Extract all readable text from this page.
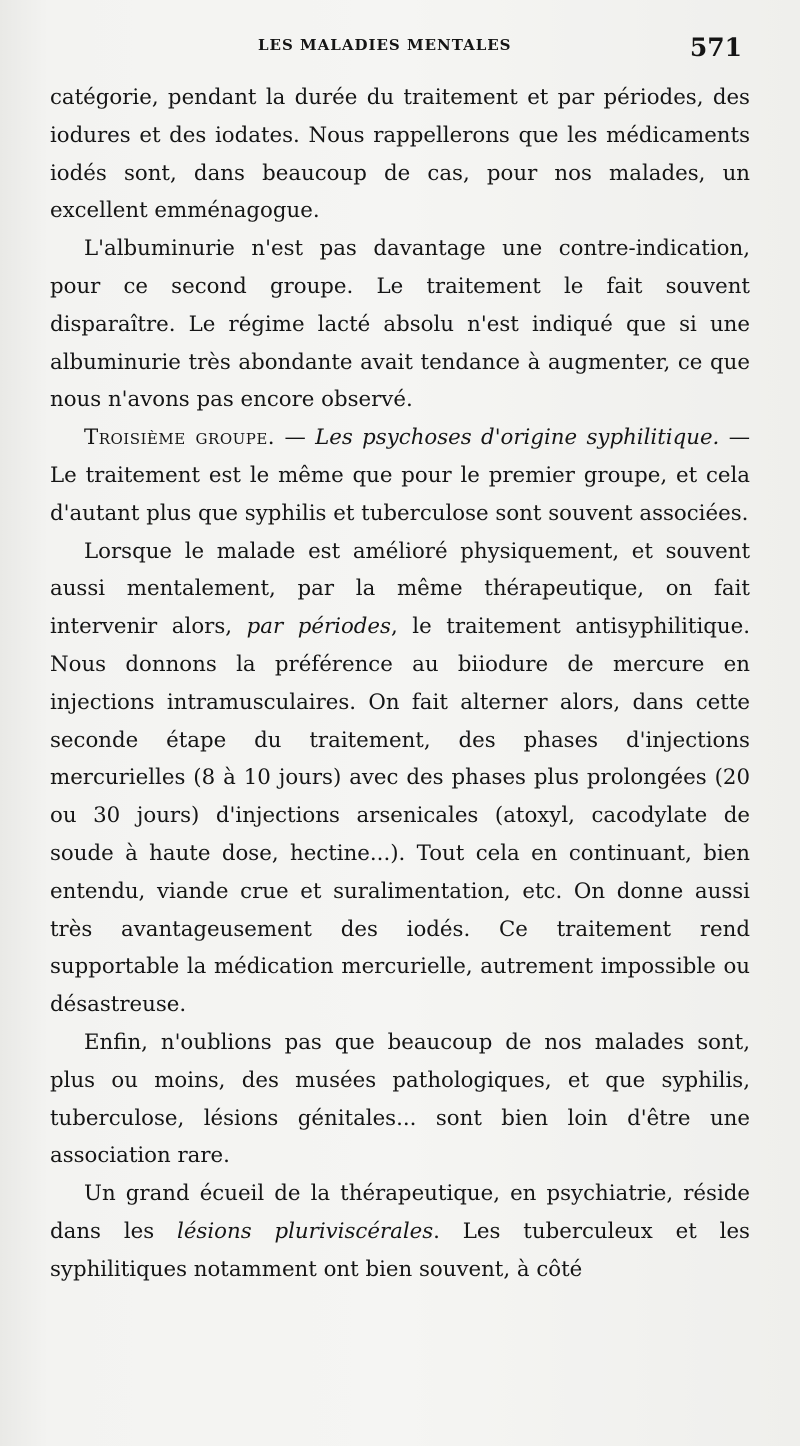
LES MALADIES MENTALES	571

catégorie, pendant la durée du traitement et par périodes, des iodures et des iodates. Nous rappellerons que les médicaments iodés sont, dans beaucoup de cas, pour nos malades, un excellent emménagogue.

L'albuminurie n'est pas davantage une contre-indication, pour ce second groupe. Le traitement le fait souvent disparaître. Le régime lacté absolu n'est indiqué que si une albuminurie très abondante avait tendance à augmenter, ce que nous n'avons pas encore observé.

Troisième groupe. — Les psychoses d'origine syphilitique. — Le traitement est le même que pour le premier groupe, et cela d'autant plus que syphilis et tuberculose sont souvent associées.

Lorsque le malade est amélioré physiquement, et souvent aussi mentalement, par la même thérapeutique, on fait intervenir alors, par périodes, le traitement antisyphilitique. Nous donnons la préférence au biiodure de mercure en injections intramusculaires. On fait alterner alors, dans cette seconde étape du traitement, des phases d'injections mercurielles (8 à 10 jours) avec des phases plus prolongées (20 ou 30 jours) d'injections arsenicales (atoxyl, cacodylate de soude à haute dose, hectine...). Tout cela en continuant, bien entendu, viande crue et suralimentation, etc. On donne aussi très avantageusement des iodés. Ce traitement rend supportable la médication mercurielle, autrement impossible ou désastreuse.

Enfin, n'oublions pas que beaucoup de nos malades sont, plus ou moins, des musées pathologiques, et que syphilis, tuberculose, lésions génitales... sont bien loin d'être une association rare.

Un grand écueil de la thérapeutique, en psychiatrie, réside dans les lésions pluriviscérales. Les tuberculeux et les syphilitiques notamment ont bien souvent, à côté
